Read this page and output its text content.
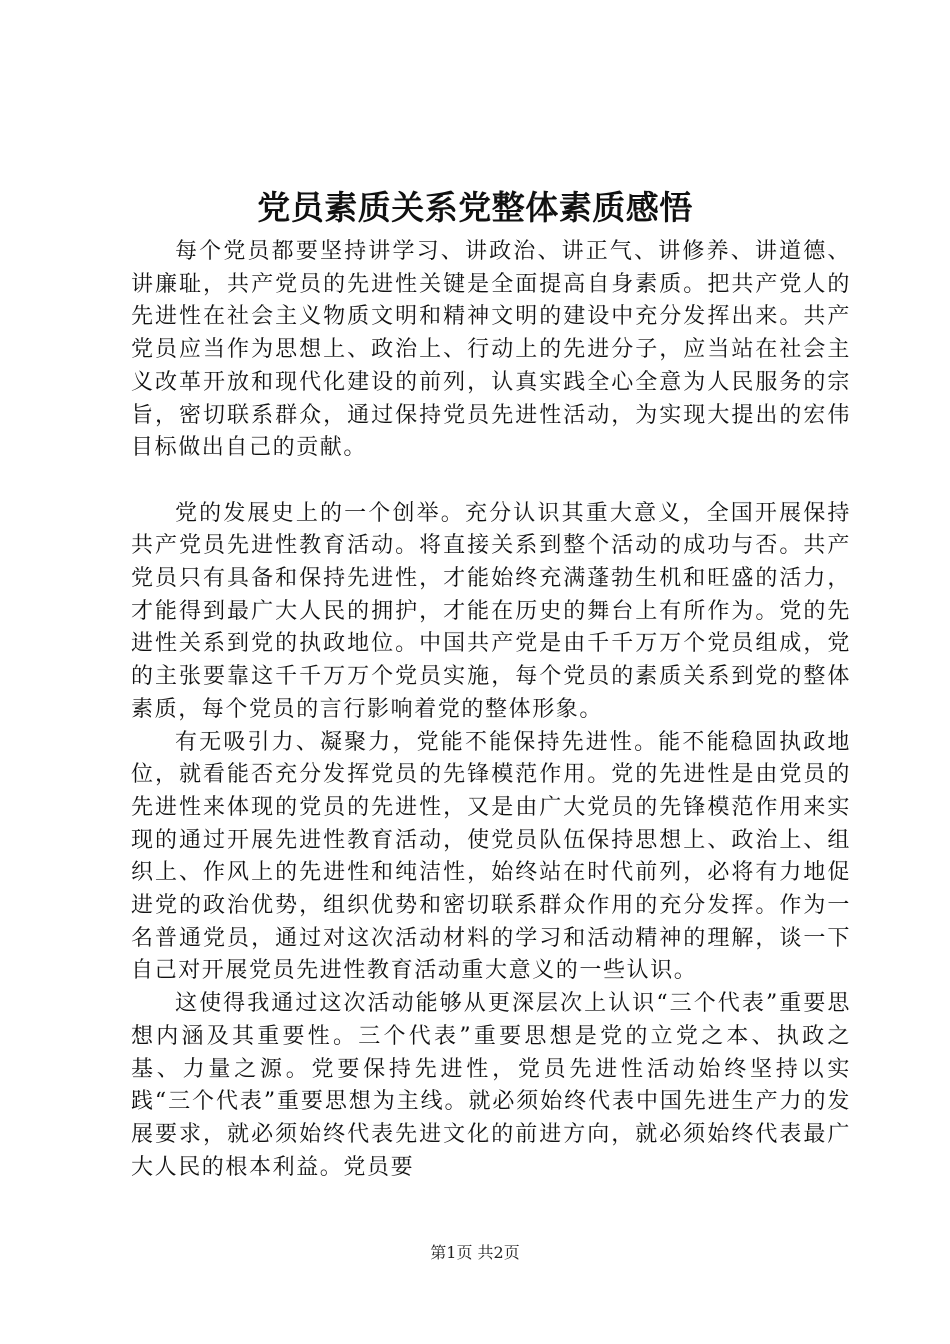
党员素质关系党整体素质感悟

每个党员都要坚持讲学习、讲政治、讲正气、讲修养、讲道德、讲廉耻，共产党员的先进性关键是全面提高自身素质。把共产党人的先进性在社会主义物质文明和精神文明的建设中充分发挥出来。共产党员应当作为思想上、政治上、行动上的先进分子，应当站在社会主义改革开放和现代化建设的前列，认真实践全心全意为人民服务的宗旨，密切联系群众，通过保持党员先进性活动，为实现大提出的宏伟目标做出自己的贡献。

党的发展史上的一个创举。充分认识其重大意义，全国开展保持共产党员先进性教育活动。将直接关系到整个活动的成功与否。共产党员只有具备和保持先进性，才能始终充满蓬勃生机和旺盛的活力，才能得到最广大人民的拥护，才能在历史的舞台上有所作为。党的先进性关系到党的执政地位。中国共产党是由千千万万个党员组成，党的主张要靠这千千万万个党员实施，每个党员的素质关系到党的整体素质，每个党员的言行影响着党的整体形象。

有无吸引力、凝聚力，党能不能保持先进性。能不能稳固执政地位，就看能否充分发挥党员的先锋模范作用。党的先进性是由党员的先进性来体现的党员的先进性，又是由广大党员的先锋模范作用来实现的通过开展先进性教育活动，使党员队伍保持思想上、政治上、组织上、作风上的先进性和纯洁性，始终站在时代前列，必将有力地促进党的政治优势，组织优势和密切联系群众作用的充分发挥。作为一名普通党员，通过对这次活动材料的学习和活动精神的理解，谈一下自己对开展党员先进性教育活动重大意义的一些认识。

这使得我通过这次活动能够从更深层次上认识“三个代表”重要思想内涵及其重要性。三个代表”重要思想是党的立党之本、执政之基、力量之源。党要保持先进性，党员先进性活动始终坚持以实践“三个代表”重要思想为主线。就必须始终代表中国先进生产力的发展要求，就必须始终代表先进文化的前进方向，就必须始终代表最广大人民的根本利益。党员要

第1页 共2页
